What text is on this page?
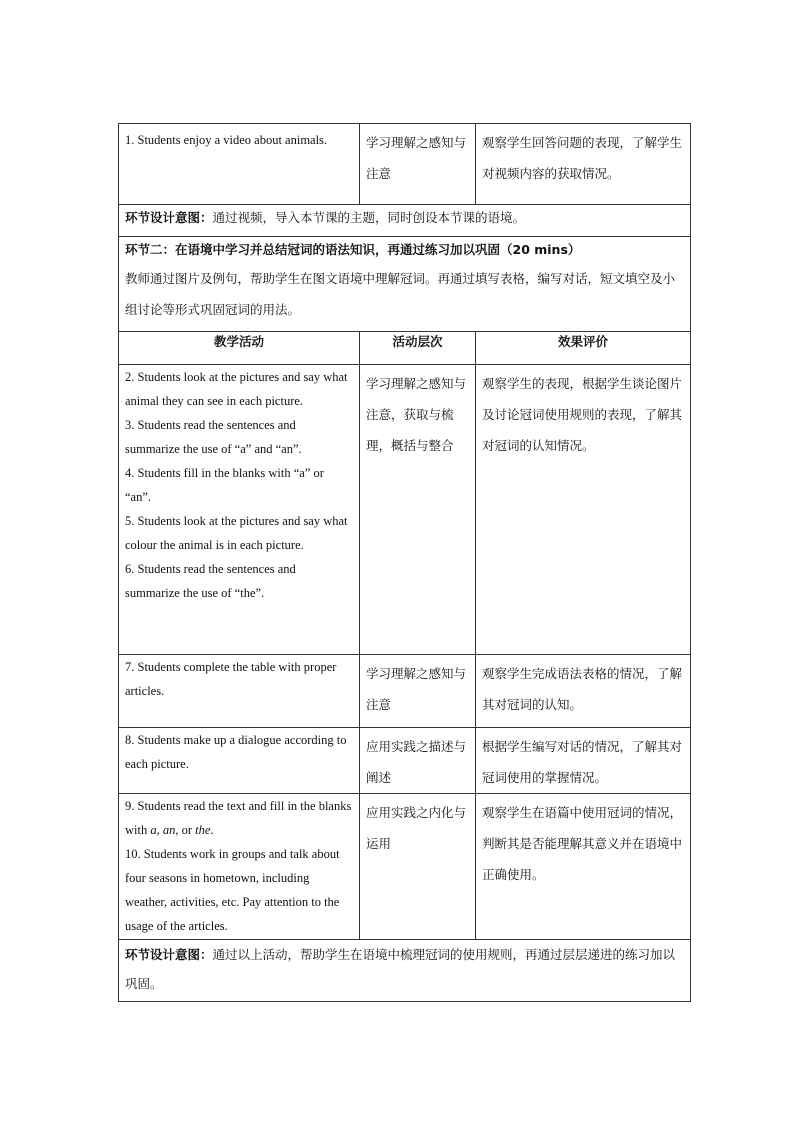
1. Students enjoy a video about animals.	学习理解之感知与注意	观察学生回答问题的表现，了解学生对视频内容的获取情况。

环节设计意图：通过视频，导入本节课的主题，同时创设本节课的语境。		

环节二：在语境中学习并总结冠词的语法知识，再通过练习加以巩固（20 mins）
教师通过图片及例句，帮助学生在图文语境中理解冠词。再通过填写表格，编写对话，短文填空及小组讨论等形式巩固冠词的用法。		

教学活动	活动层次	效果评价

2. Students look at the pictures and say what animal they can see in each picture.
3. Students read the sentences and summarize the use of “a” and “an”.
4. Students fill in the blanks with “a” or “an”.
5. Students look at the pictures and say what colour the animal is in each picture.
6. Students read the sentences and summarize the use of “the”.	学习理解之感知与注意，获取与梳理，概括与整合	观察学生的表现，根据学生谈论图片及讨论冠词使用规则的表现，了解其对冠词的认知情况。

7. Students complete the table with proper articles.	学习理解之感知与注意	观察学生完成语法表格的情况，了解其对冠词的认知。

8. Students make up a dialogue according to each picture.	应用实践之描述与阐述	根据学生编写对话的情况，了解其对冠词使用的掌握情况。

9. Students read the text and fill in the blanks with a, an, or the.
10. Students work in groups and talk about four seasons in hometown, including weather, activities, etc. Pay attention to the usage of the articles.	应用实践之内化与运用	观察学生在语篇中使用冠词的情况，判断其是否能理解其意义并在语境中正确使用。

环节设计意图：通过以上活动，帮助学生在语境中梳理冠词的使用规则，再通过层层递进的练习加以巩固。		
